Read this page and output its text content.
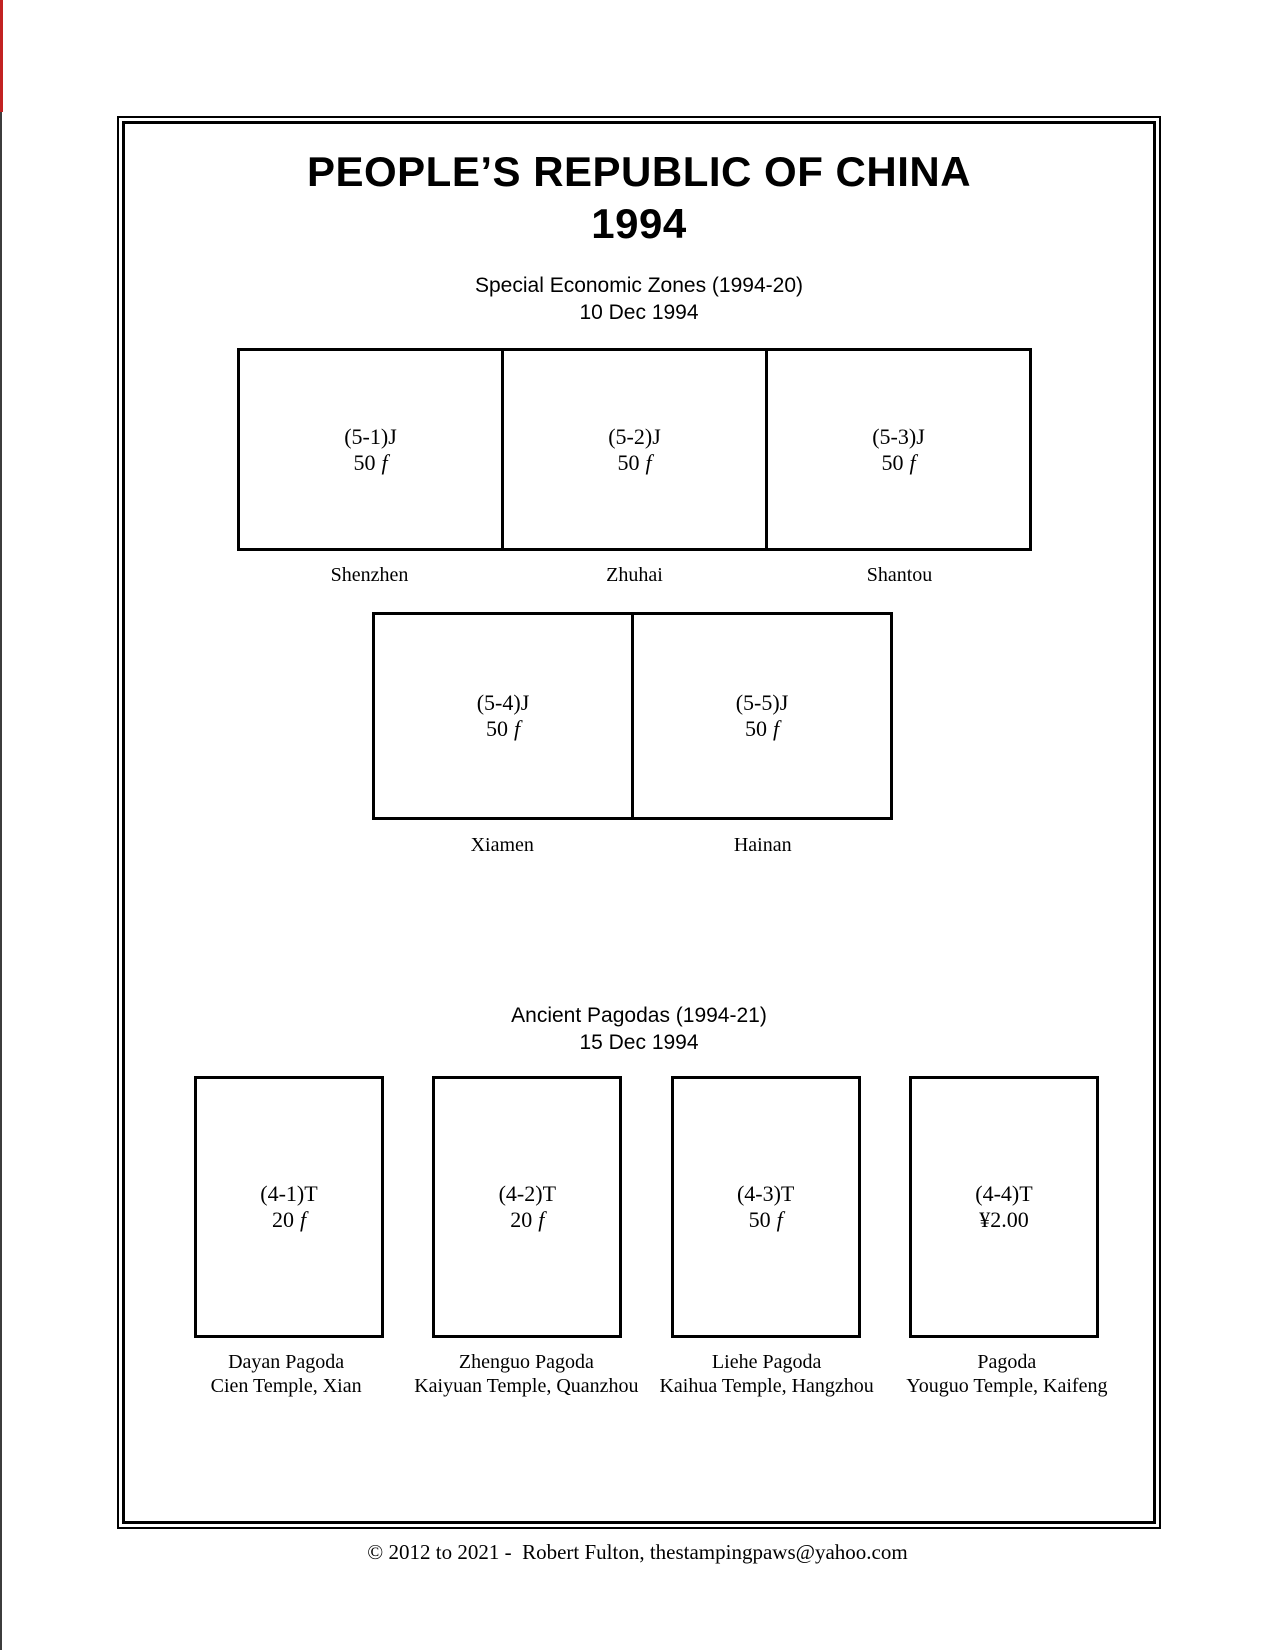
PEOPLE’S REPUBLIC OF CHINA
1994
Special Economic Zones (1994-20)
10 Dec 1994
(5-1)J
50 f
(5-2)J
50 f
(5-3)J
50 f
Shenzhen	Zhuhai	Shantou
(5-4)J
50 f
(5-5)J
50 f
Xiamen	Hainan
Ancient Pagodas (1994-21)
15 Dec 1994
(4-1)T
20 f
(4-2)T
20 f
(4-3)T
50 f
(4-4)T
¥2.00
Dayan Pagoda
Cien Temple, Xian
Zhenguo Pagoda
Kaiyuan Temple, Quanzhou
Liehe Pagoda
Kaihua Temple, Hangzhou
Pagoda
Youguo Temple, Kaifeng
© 2012 to 2021 -  Robert Fulton, thestampingpaws@yahoo.com
